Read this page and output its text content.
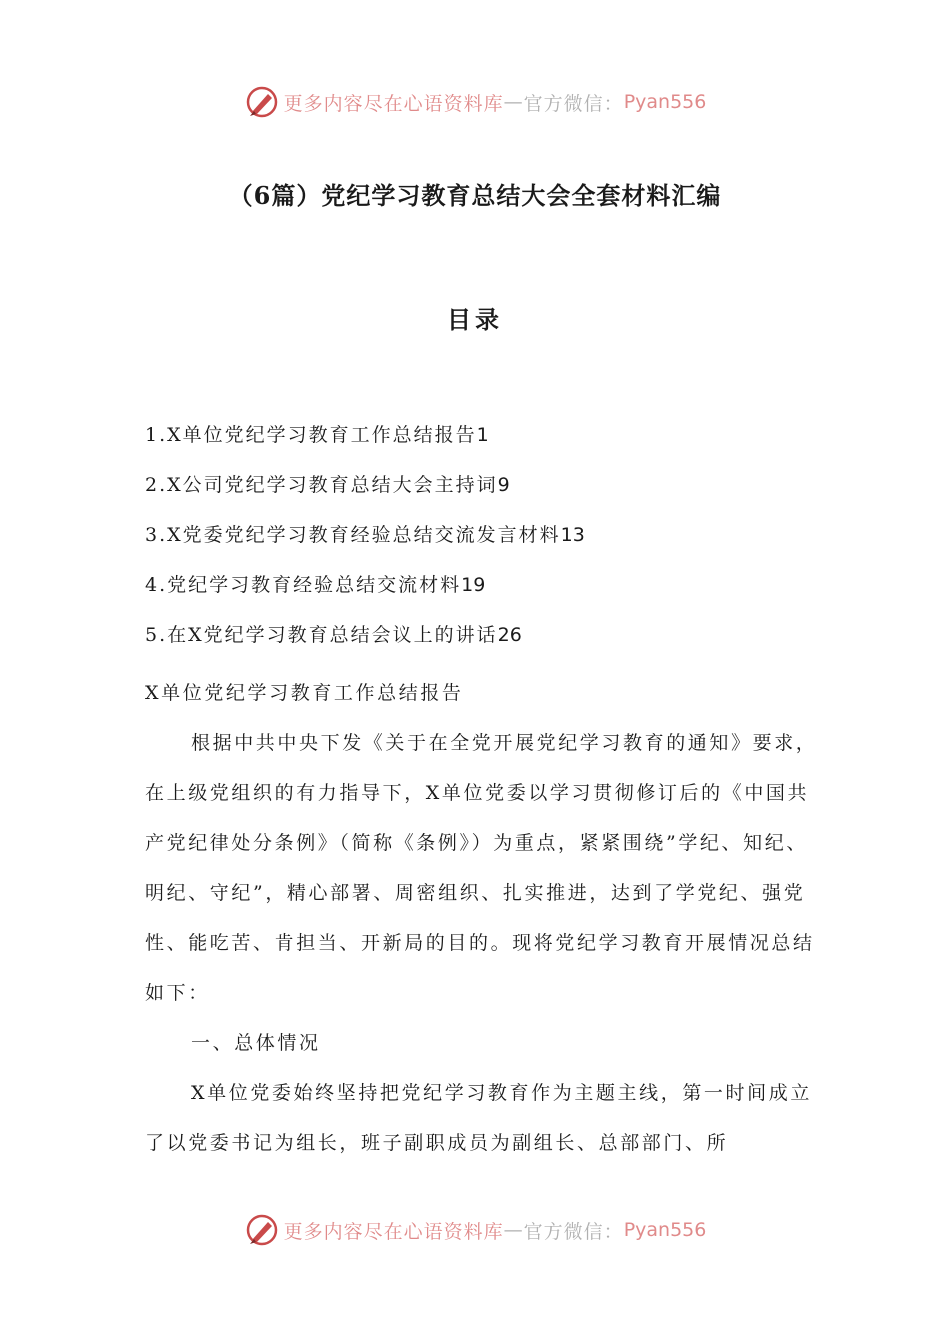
更多内容尽在心语资料库 — 官方微信： Pyan556
（6篇）党纪学习教育总结大会全套材料汇编
目录
1.X单位党纪学习教育工作总结报告1
2.X公司党纪学习教育总结大会主持词9
3.X党委党纪学习教育经验总结交流发言材料13
4.党纪学习教育经验总结交流材料19
5.在X党纪学习教育总结会议上的讲话26

X单位党纪学习教育工作总结报告

根据中共中央下发《关于在全党开展党纪学习教育的通知》要求，在上级党组织的有力指导下，X单位党委以学习贯彻修订后的《中国共产党纪律处分条例》（简称《条例》）为重点，紧紧围绕”学纪、知纪、明纪、守纪”，精心部署、周密组织、扎实推进，达到了学党纪、强党性、能吃苦、肯担当、开新局的目的。现将党纪学习教育开展情况总结如下：

一、总体情况

X单位党委始终坚持把党纪学习教育作为主题主线，第一时间成立了以党委书记为组长，班子副职成员为副组长、总部部门、所

更多内容尽在心语资料库 — 官方微信： Pyan556
